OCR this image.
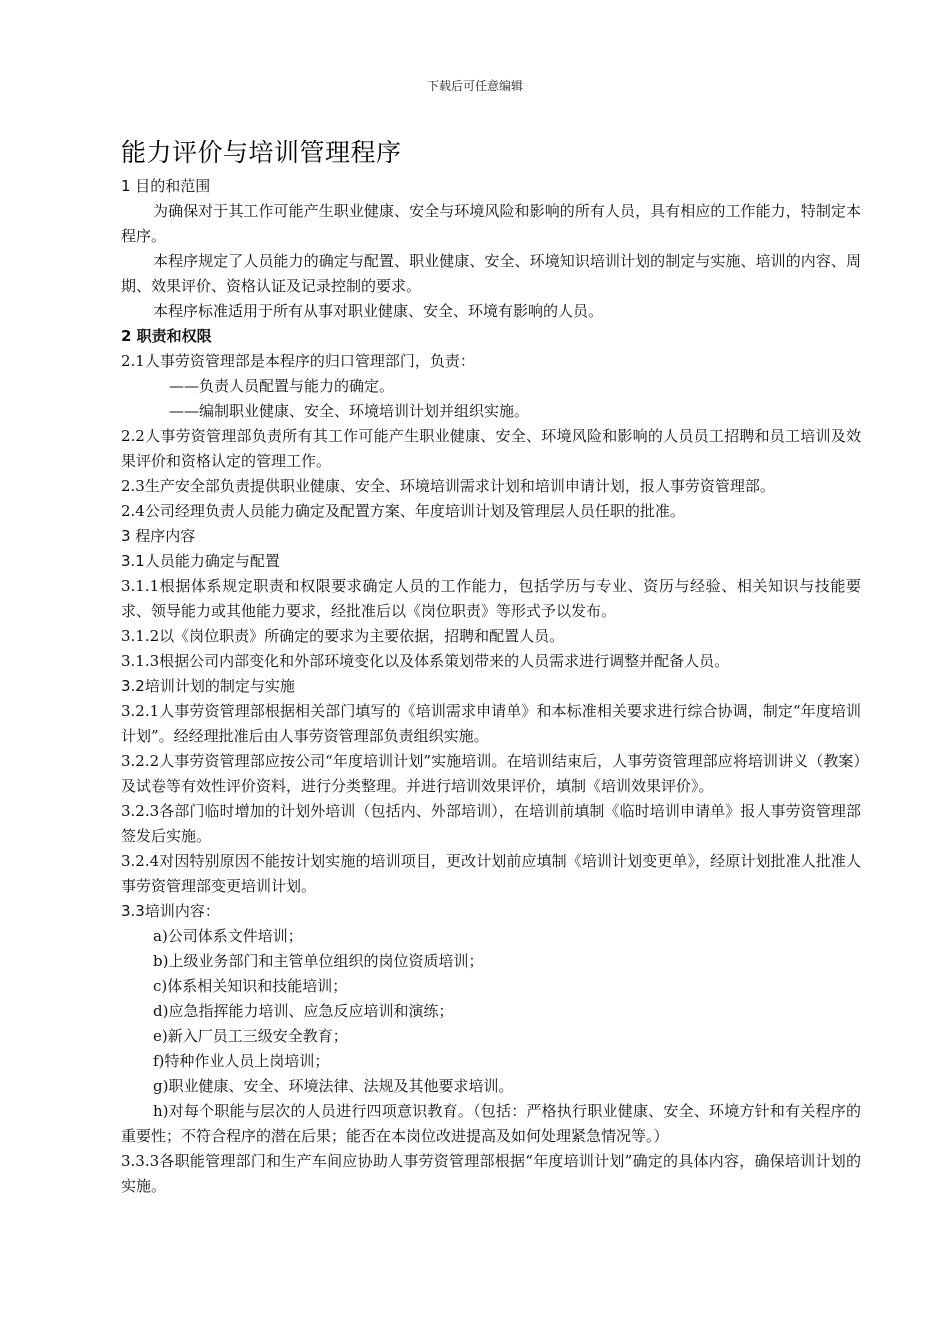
下载后可任意编辑
能力评价与培训管理程序

1 目的和范围

为确保对于其工作可能产生职业健康、安全与环境风险和影响的所有人员，具有相应的工作能力，特制定本程序。

本程序规定了人员能力的确定与配置、职业健康、安全、环境知识培训计划的制定与实施、培训的内容、周期、效果评价、资格认证及记录控制的要求。

本程序标准适用于所有从事对职业健康、安全、环境有影响的人员。

2 职责和权限

2.1人事劳资管理部是本程序的归口管理部门，负责：

——负责人员配置与能力的确定。

——编制职业健康、安全、环境培训计划并组织实施。

2.2人事劳资管理部负责所有其工作可能产生职业健康、安全、环境风险和影响的人员员工招聘和员工培训及效果评价和资格认定的管理工作。

2.3生产安全部负责提供职业健康、安全、环境培训需求计划和培训申请计划，报人事劳资管理部。

2.4公司经理负责人员能力确定及配置方案、年度培训计划及管理层人员任职的批准。

3 程序内容

3.1人员能力确定与配置

3.1.1根据体系规定职责和权限要求确定人员的工作能力，包括学历与专业、资历与经验、相关知识与技能要求、领导能力或其他能力要求，经批准后以《岗位职责》等形式予以发布。

3.1.2以《岗位职责》所确定的要求为主要依据，招聘和配置人员。

3.1.3根据公司内部变化和外部环境变化以及体系策划带来的人员需求进行调整并配备人员。

3.2培训计划的制定与实施

3.2.1人事劳资管理部根据相关部门填写的《培训需求申请单》和本标准相关要求进行综合协调，制定“年度培训计划”。经经理批准后由人事劳资管理部负责组织实施。

3.2.2人事劳资管理部应按公司“年度培训计划”实施培训。在培训结束后，人事劳资管理部应将培训讲义（教案）及试卷等有效性评价资料，进行分类整理。并进行培训效果评价，填制《培训效果评价》。

3.2.3各部门临时增加的计划外培训（包括内、外部培训），在培训前填制《临时培训申请单》报人事劳资管理部签发后实施。

3.2.4对因特别原因不能按计划实施的培训项目，更改计划前应填制《培训计划变更单》，经原计划批准人批准人事劳资管理部变更培训计划。

3.3培训内容：

a)公司体系文件培训；

b)上级业务部门和主管单位组织的岗位资质培训；

c)体系相关知识和技能培训；

d)应急指挥能力培训、应急反应培训和演练；

e)新入厂员工三级安全教育；

f)特种作业人员上岗培训；

g)职业健康、安全、环境法律、法规及其他要求培训。

h)对每个职能与层次的人员进行四项意识教育。（包括：严格执行职业健康、安全、环境方针和有关程序的重要性；不符合程序的潜在后果；能否在本岗位改进提高及如何处理紧急情况等。）

3.3.3各职能管理部门和生产车间应协助人事劳资管理部根据“年度培训计划”确定的具体内容，确保培训计划的实施。
